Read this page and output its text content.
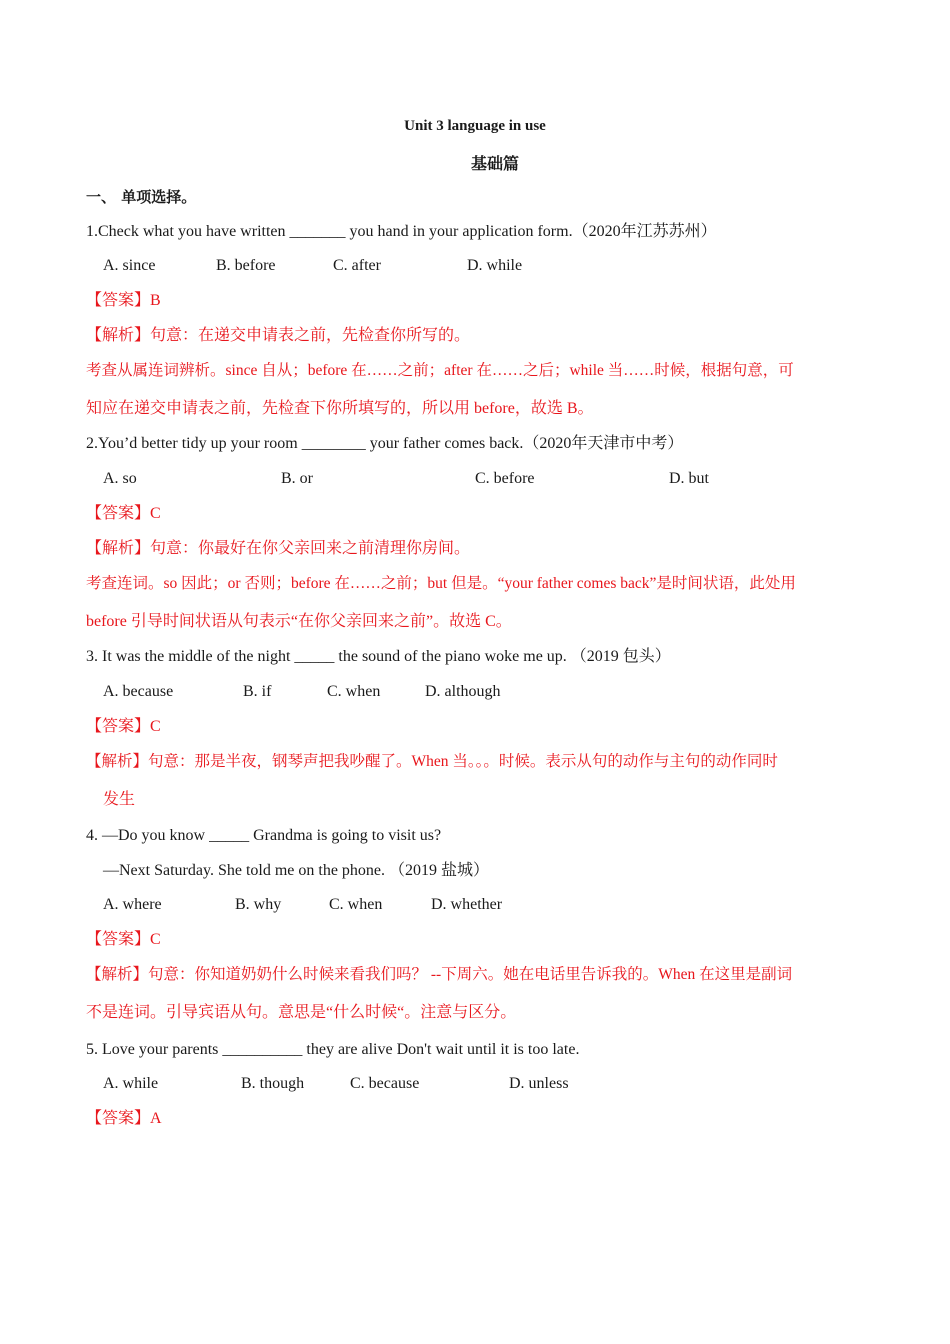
Unit 3 language in use
基础篇
一、 单项选择。
1.Check what you have written _______ you hand in your application form.（2020年江苏苏州）
A. since	B. before	C. after	D. while
【答案】B
【解析】句意：在递交申请表之前，先检查你所写的。
考查从属连词辨析。since 自从；before 在……之前；after 在……之后；while 当……时候，根据句意，可
知应在递交申请表之前，先检查下你所填写的，所以用 before，故选 B。
2.You’d better tidy up your room ________ your father comes back.（2020年天津市中考）
A. so	B. or	C. before	D. but
【答案】C
【解析】句意：你最好在你父亲回来之前清理你房间。
考查连词。so 因此；or 否则；before 在……之前；but 但是。“your father comes back”是时间状语，此处用
before 引导时间状语从句表示“在你父亲回来之前”。故选 C。
3. It was the middle of the night _____ the sound of the piano woke me up. （2019 包头）
A. because	B. if	C. when	D. although
【答案】C
【解析】句意：那是半夜，钢琴声把我吵醒了。When 当。。。时候。表示从句的动作与主句的动作同时
发生
4. —Do you know _____ Grandma is going to visit us?
—Next Saturday. She told me on the phone. （2019 盐城）
A. where	B. why	C. when	D. whether
【答案】C
【解析】句意：你知道奶奶什么时候来看我们吗？ --下周六。她在电话里告诉我的。When 在这里是副词
不是连词。引导宾语从句。意思是“什么时候“。注意与区分。
5. Love your parents __________ they are alive Don't wait until it is too late.
A. while	B. though	C. because	D. unless
【答案】A
